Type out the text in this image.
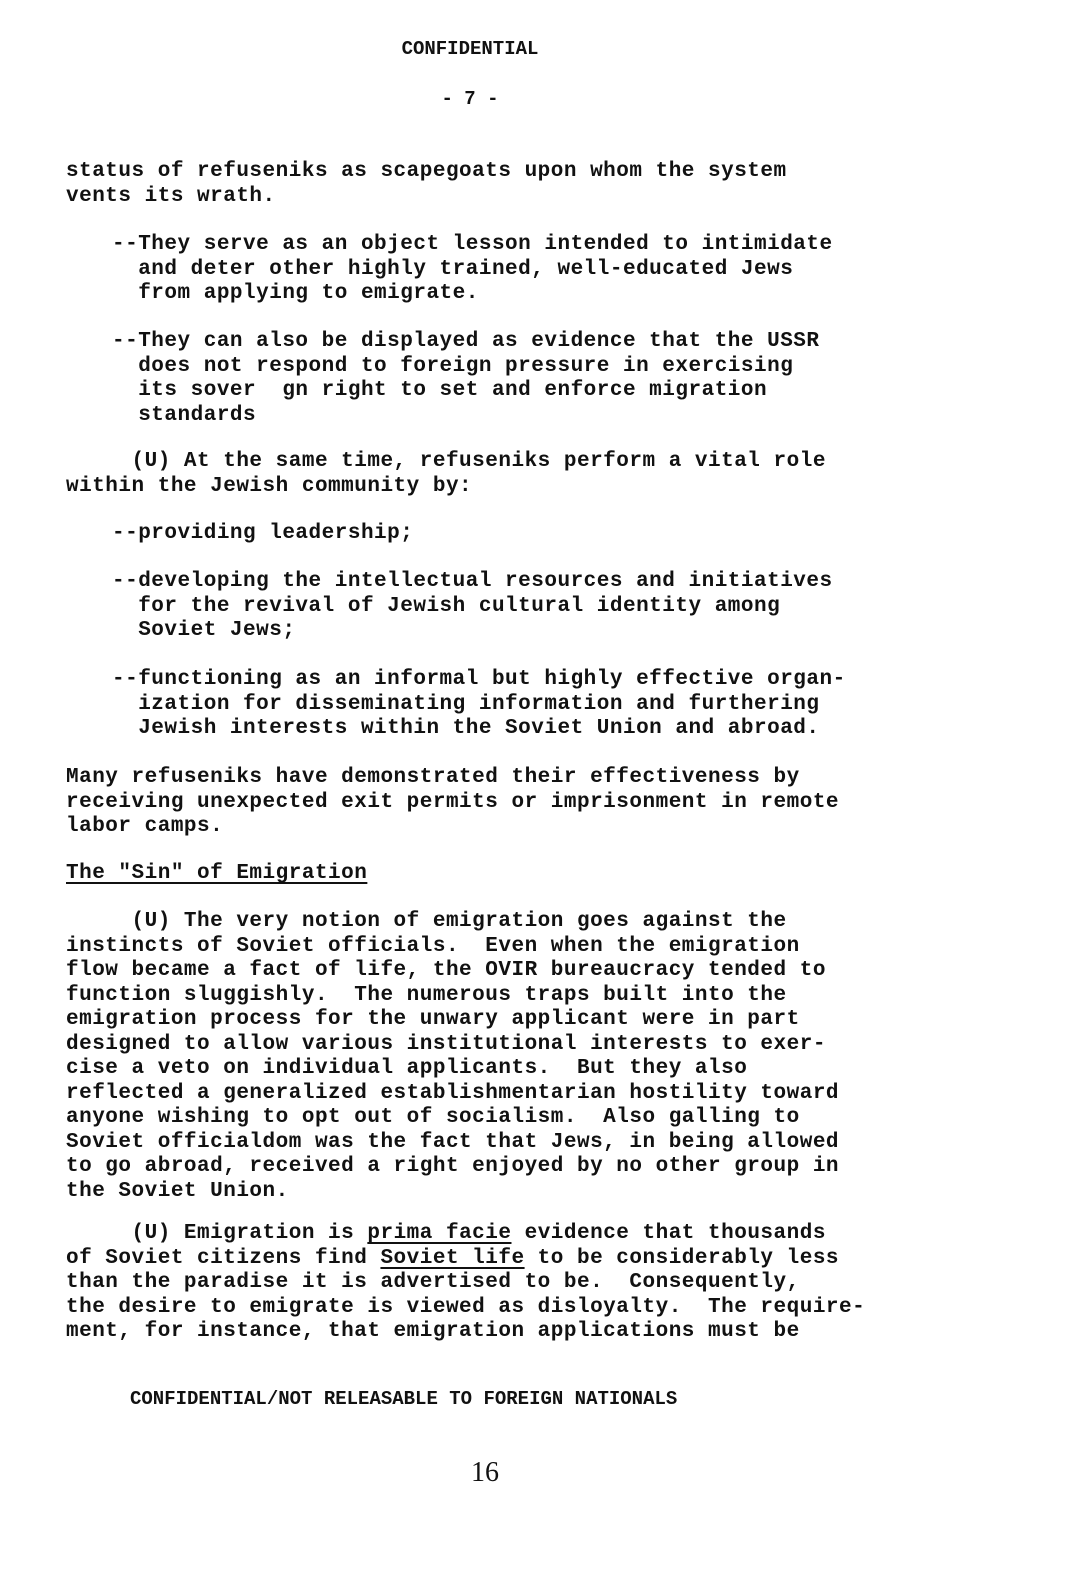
CONFIDENTIAL
- 7 -
status of refuseniks as scapegoats upon whom the system
vents its wrath.
--They serve as an object lesson intended to intimidate
and deter other highly trained, well-educated Jews
from applying to emigrate.
--They can also be displayed as evidence that the USSR
does not respond to foreign pressure in exercising
its sover  gn right to set and enforce migration
standards
(U) At the same time, refuseniks perform a vital role
within the Jewish community by:
--providing leadership;
--developing the intellectual resources and initiatives
for the revival of Jewish cultural identity among
Soviet Jews;
--functioning as an informal but highly effective organ-
ization for disseminating information and furthering
Jewish interests within the Soviet Union and abroad.
Many refuseniks have demonstrated their effectiveness by
receiving unexpected exit permits or imprisonment in remote
labor camps.
The "Sin" of Emigration
(U) The very notion of emigration goes against the
instincts of Soviet officials.  Even when the emigration
flow became a fact of life, the OVIR bureaucracy tended to
function sluggishly.  The numerous traps built into the
emigration process for the unwary applicant were in part
designed to allow various institutional interests to exer-
cise a veto on individual applicants.  But they also
reflected a generalized establishmentarian hostility toward
anyone wishing to opt out of socialism.  Also galling to
Soviet officialdom was the fact that Jews, in being allowed
to go abroad, received a right enjoyed by no other group in
the Soviet Union.
(U) Emigration is prima facie evidence that thousands
of Soviet citizens find Soviet life to be considerably less
than the paradise it is advertised to be.  Consequently,
the desire to emigrate is viewed as disloyalty.  The require-
ment, for instance, that emigration applications must be
CONFIDENTIAL/NOT RELEASABLE TO FOREIGN NATIONALS
16
